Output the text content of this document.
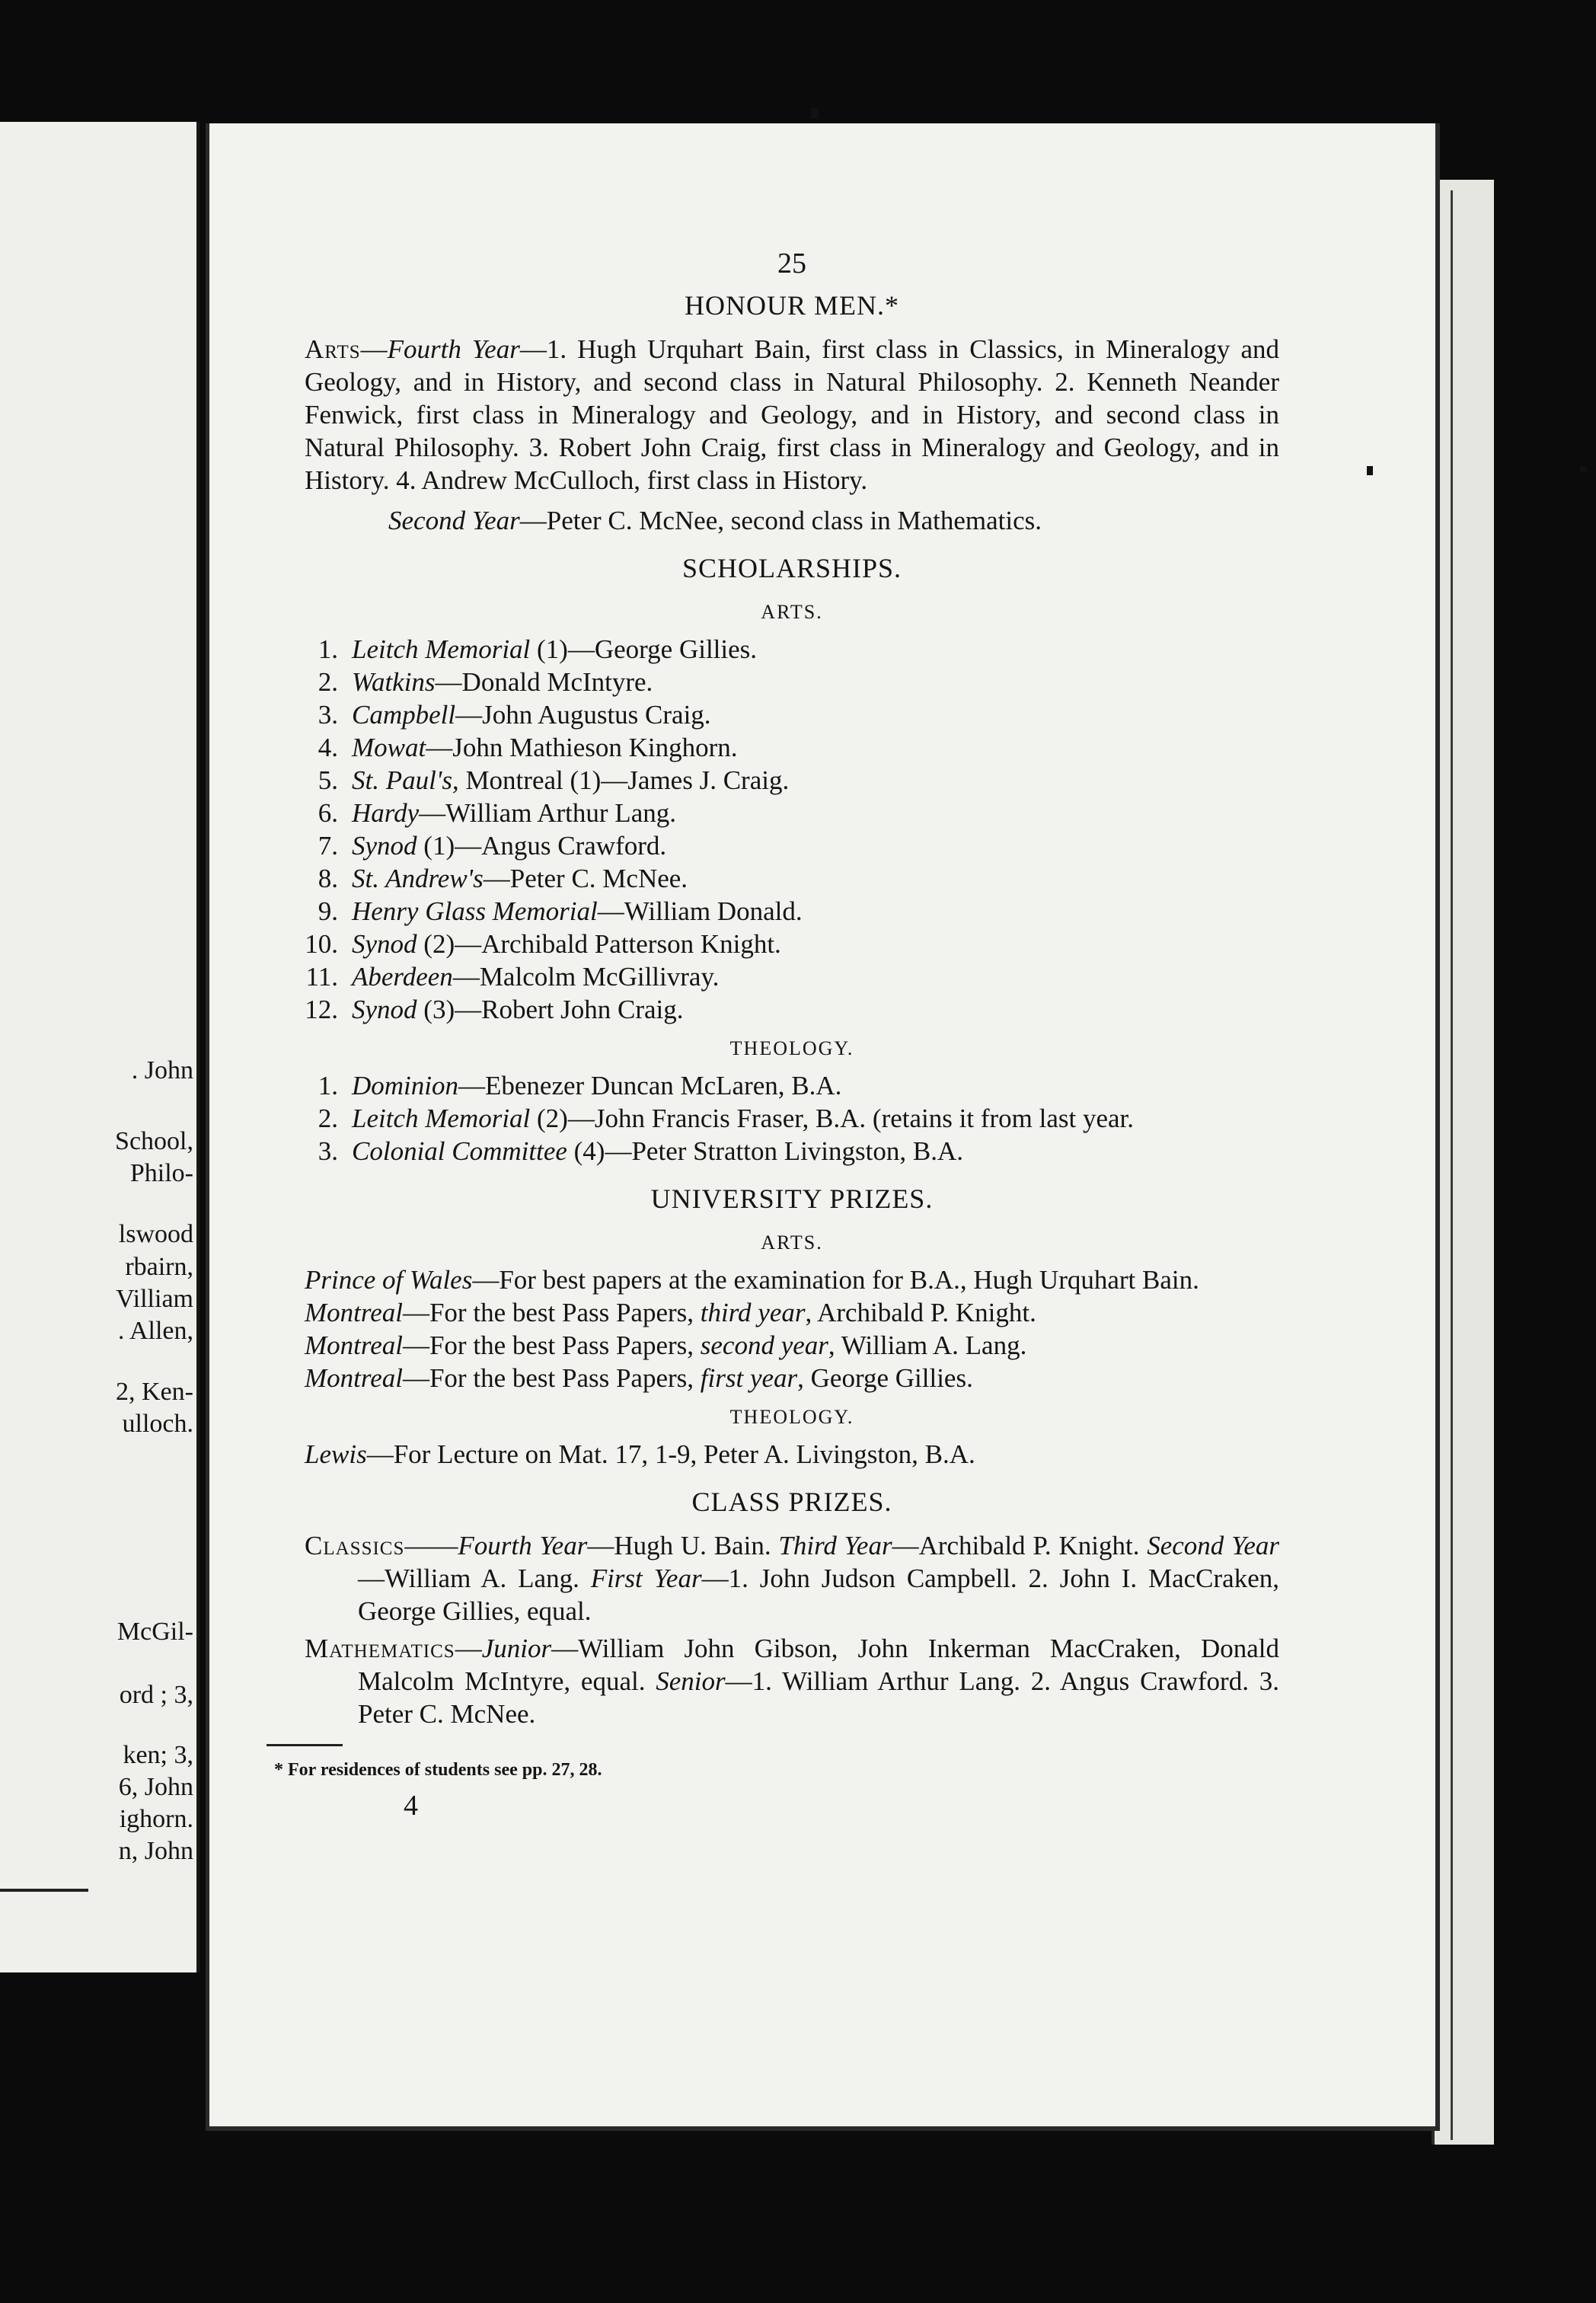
. John
School,
Philo-
lswood
rbairn,
Villiam
. Allen,
2, Ken-
ulloch.
McGil-
ord ; 3,
ken; 3,
6, John
ighorn.
n, John
25
HONOUR MEN.*

Arts—Fourth Year—1. Hugh Urquhart Bain, first class in Classics, in Mineralogy and Geology, and in History, and second class in Natural Philosophy. 2. Kenneth Neander Fenwick, first class in Mineralogy and Geology, and in History, and second class in Natural Philosophy. 3. Robert John Craig, first class in Mineralogy and Geology, and in History. 4. Andrew McCulloch, first class in History.

Second Year—Peter C. McNee, second class in Mathematics.

SCHOLARSHIPS.
ARTS.
1. Leitch Memorial (1)—George Gillies.
2. Watkins—Donald McIntyre.
3. Campbell—John Augustus Craig.
4. Mowat—John Mathieson Kinghorn.
5. St. Paul's, Montreal (1)—James J. Craig.
6. Hardy—William Arthur Lang.
7. Synod (1)—Angus Crawford.
8. St. Andrew's—Peter C. McNee.
9. Henry Glass Memorial—William Donald.
10. Synod (2)—Archibald Patterson Knight.
11. Aberdeen—Malcolm McGillivray.
12. Synod (3)—Robert John Craig.
THEOLOGY.
1. Dominion—Ebenezer Duncan McLaren, B.A.
2. Leitch Memorial (2)—John Francis Fraser, B.A. (retains it from last year.
3. Colonial Committee (4)—Peter Stratton Livingston, B.A.
UNIVERSITY PRIZES.
ARTS.

Prince of Wales—For best papers at the examination for B.A., Hugh Urquhart Bain.

Montreal—For the best Pass Papers, third year, Archibald P. Knight.

Montreal—For the best Pass Papers, second year, William A. Lang.

Montreal—For the best Pass Papers, first year, George Gillies.

THEOLOGY.

Lewis—For Lecture on Mat. 17, 1-9, Peter A. Livingston, B.A.

CLASS PRIZES.

Classics——Fourth Year—Hugh U. Bain. Third Year—Archibald P. Knight. Second Year—William A. Lang. First Year—1. John Judson Campbell. 2. John I. MacCraken, George Gillies, equal.

Mathematics—Junior—William John Gibson, John Inkerman MacCraken, Donald Malcolm McIntyre, equal. Senior—1. William Arthur Lang. 2. Angus Crawford. 3. Peter C. McNee.

* For residences of students see pp. 27, 28.
4
